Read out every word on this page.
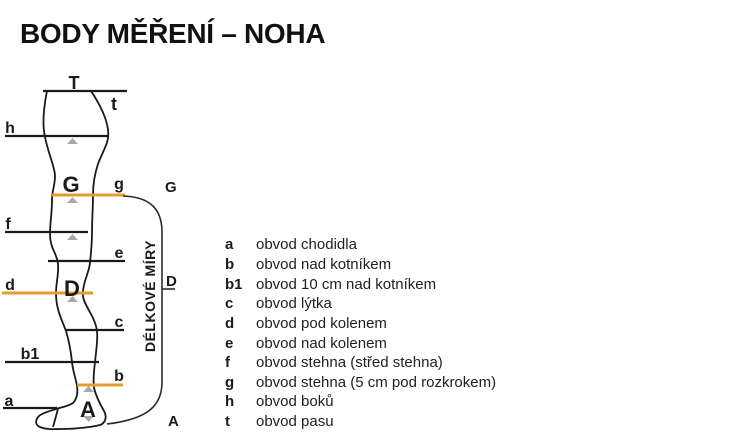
BODY MĚŘENÍ – NOHA
G
D
A
DÉLKOVÉ MÍRY
T
t
h
G g
f
e
D
d
c
b1
b
a	A
a	obvod chodidla
b	obvod nad kotníkem
b1 obvod 10 cm nad kotníkem
c	obvod lýtka
d	obvod pod kolenem
e	obvod nad kolenem
f	obvod stehna (střed stehna)
g	obvod stehna (5 cm pod rozkrokem)
h	obvod boků
t	obvod pasu
